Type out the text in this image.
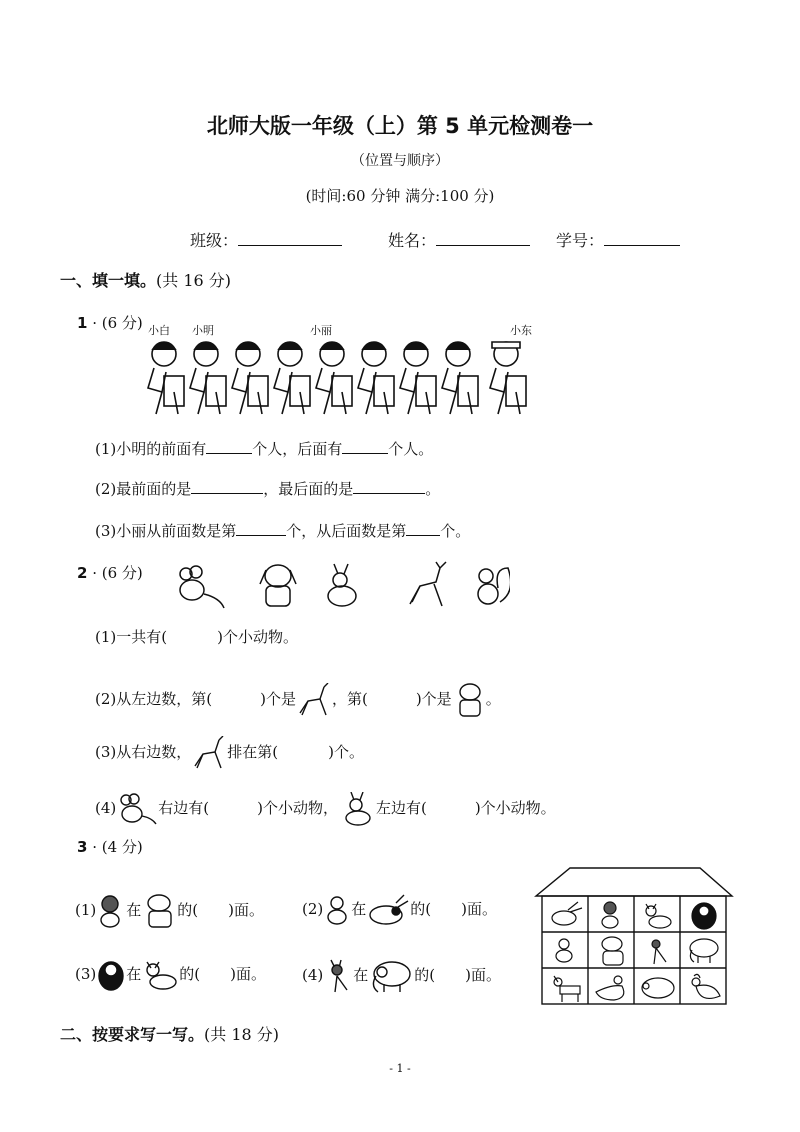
北师大版一年级（上）第 5 单元检测卷一
（位置与顺序）
(时间:60 分钟 满分:100 分)
班级：	姓名：	学号：
一、填一填。(共 16 分)
1 · (6 分) 小白 小明	小丽	小东
(1)小明的前面有	个人，后面有	个人。
(2)最前面的是	，最后面的是	。
(3)小丽从前面数是第	个，从后面数是第 个。
2 · (6 分)
(1)一共有(	)个小动物。
(2)从左边数，第(	)个是 ，第(	)个是 。
(3)从右边数， 排在第(	)个。
(4)	右边有(	)个小动物，	左边有(	)个小动物。
3 · (4 分)
(1) 在 的( )面。	(2) 在	的( )面。
(3) 在	的( )面。 (4) 在	的( )面。
二、按要求写一写。(共 18 分)
- 1 -
